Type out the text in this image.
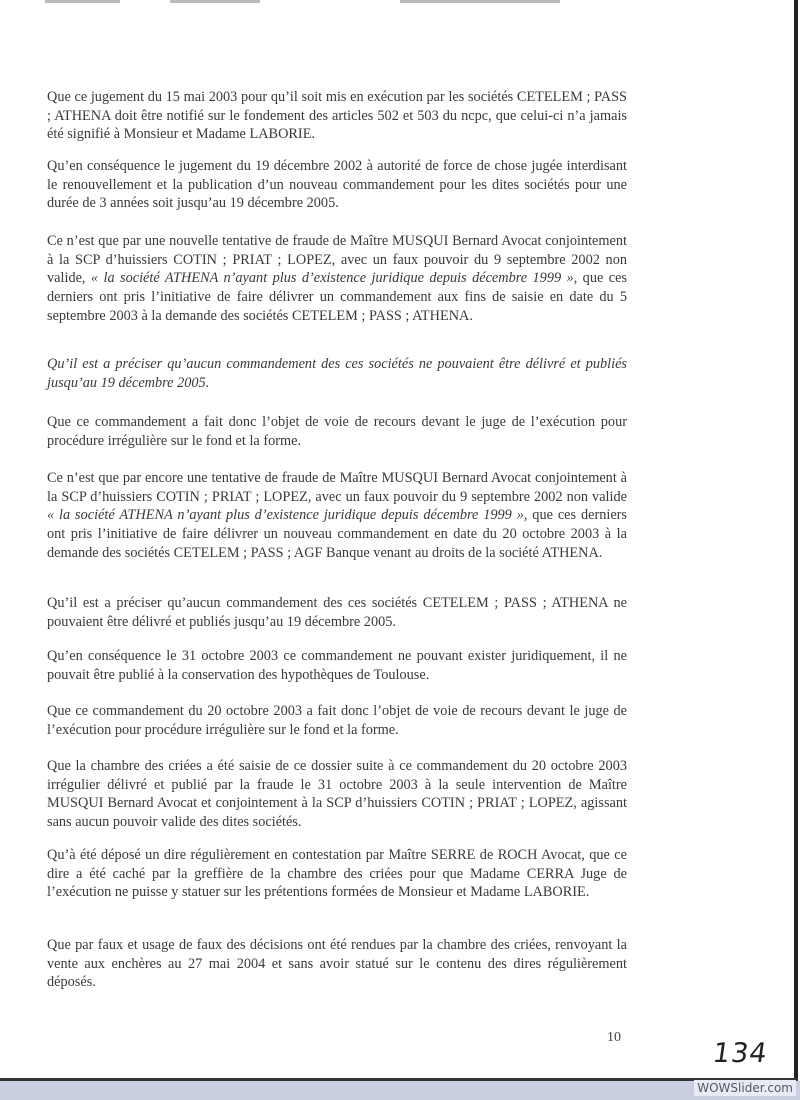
Que ce jugement du 15 mai 2003 pour qu’il soit mis en exécution par les sociétés CETELEM ; PASS ; ATHENA doit être notifié sur le fondement des articles 502 et 503 du ncpc, que celui-ci n’a jamais été signifié à Monsieur et Madame LABORIE.

Qu’en conséquence le jugement du 19 décembre 2002 à autorité de force de chose jugée interdisant le renouvellement et la publication d’un nouveau commandement pour les dites sociétés pour une durée de 3 années soit jusqu’au 19 décembre 2005.

Ce n’est que par une nouvelle tentative de fraude de Maître MUSQUI Bernard Avocat conjointement à la SCP d’huissiers COTIN ; PRIAT ; LOPEZ, avec un faux pouvoir du 9 septembre 2002 non valide, « la société ATHENA n’ayant plus d’existence juridique depuis décembre 1999 », que ces derniers ont pris l’initiative de faire délivrer un commandement aux fins de saisie en date du 5 septembre 2003 à la demande des sociétés CETELEM ; PASS ; ATHENA.

Qu’il est a préciser qu’aucun commandement des ces sociétés ne pouvaient être délivré et publiés jusqu’au 19 décembre 2005.

Que ce commandement a fait donc l’objet de voie de recours devant le juge de l’exécution pour procédure irrégulière sur le fond et la forme.

Ce n’est que par encore une tentative de fraude de Maître MUSQUI Bernard Avocat conjointement à la SCP d’huissiers COTIN ; PRIAT ; LOPEZ, avec un faux pouvoir du 9 septembre 2002 non valide « la société ATHENA n’ayant plus d’existence juridique depuis décembre 1999 », que ces derniers ont pris l’initiative de faire délivrer un nouveau commandement en date du 20 octobre 2003 à la demande des sociétés CETELEM ; PASS ; AGF Banque venant au droits de la société ATHENA.

Qu’il est a préciser qu’aucun commandement des ces sociétés CETELEM ; PASS ; ATHENA ne pouvaient être délivré et publiés jusqu’au 19 décembre 2005.

Qu’en conséquence le 31 octobre 2003 ce commandement ne pouvant exister juridiquement, il ne pouvait être publié à la conservation des hypothèques de Toulouse.

Que ce commandement du 20 octobre 2003 a fait donc l’objet de voie de recours devant le juge de l’exécution pour procédure irrégulière sur le fond et la forme.

Que la chambre des criées a été saisie de ce dossier suite à ce commandement du 20 octobre 2003 irrégulier délivré et publié par la fraude le 31 octobre 2003 à la seule intervention de Maître MUSQUI Bernard Avocat et conjointement à la SCP d’huissiers COTIN ; PRIAT ; LOPEZ, agissant sans aucun pouvoir valide des dites sociétés.

Qu’à été déposé un dire régulièrement en contestation par Maître SERRE de ROCH Avocat, que ce dire a été caché par la greffière de la chambre des criées pour que Madame CERRA Juge de l’exécution ne puisse y statuer sur les prétentions formées de Monsieur et Madame LABORIE.

Que par faux et usage de faux des décisions ont été rendues par la chambre des criées, renvoyant la vente aux enchères au 27 mai 2004 et sans avoir statué sur le contenu des dires régulièrement déposés.

10
134
WOWSlider.com
